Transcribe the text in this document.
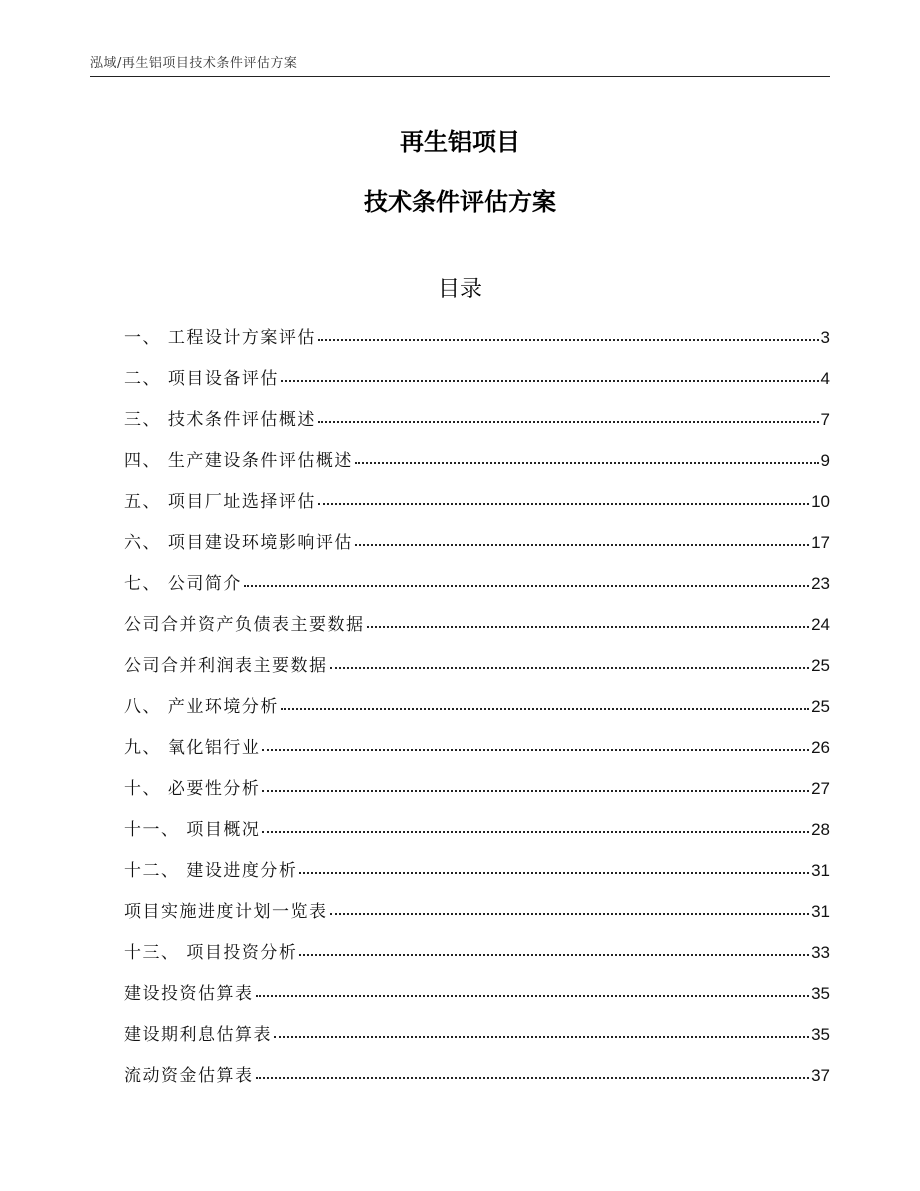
泓域/再生铝项目技术条件评估方案
再生铝项目
技术条件评估方案
目录
一、 工程设计方案评估	3
二、 项目设备评估	4
三、 技术条件评估概述	7
四、 生产建设条件评估概述	9
五、 项目厂址选择评估	10
六、 项目建设环境影响评估	17
七、 公司简介	23
公司合并资产负债表主要数据	24
公司合并利润表主要数据	25
八、 产业环境分析	25
九、 氧化铝行业	26
十、 必要性分析	27
十一、 项目概况	28
十二、 建设进度分析	31
项目实施进度计划一览表	31
十三、 项目投资分析	33
建设投资估算表	35
建设期利息估算表	35
流动资金估算表	37
